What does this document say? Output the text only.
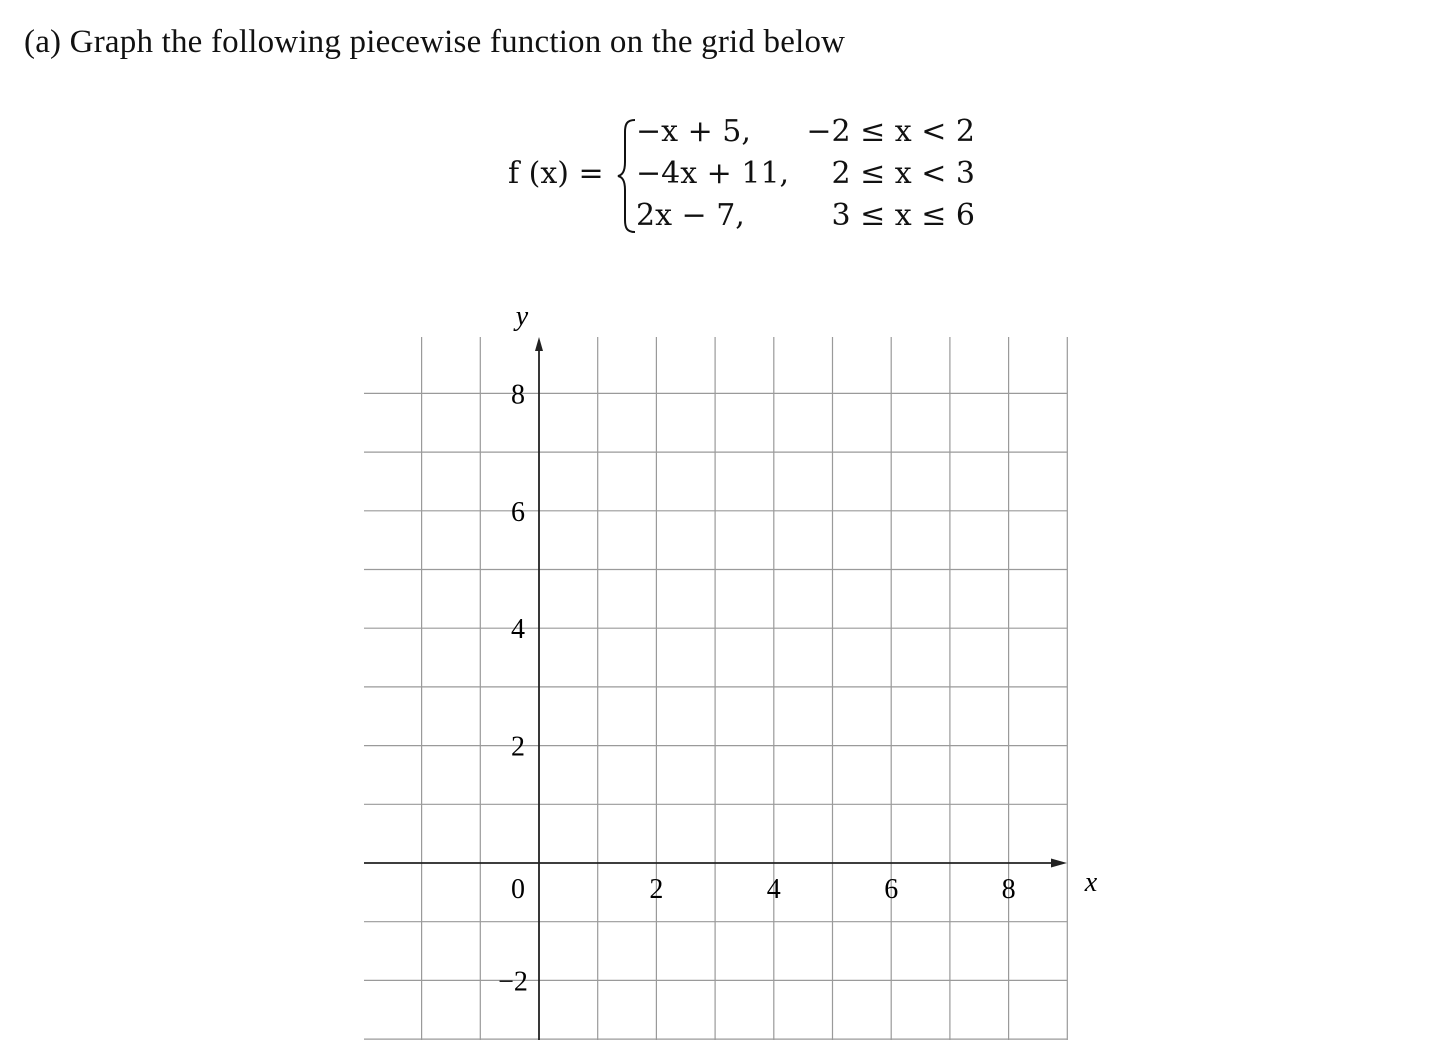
(a) Graph the following piecewise function on the grid below
f (x) =
−x + 5, −2 ≤ x < 2
−4x + 11, 2 ≤ x < 3
2x − 7,	3 ≤ x ≤ 6
x
y
0	2	4	6	8
8
6
4
2
−2
